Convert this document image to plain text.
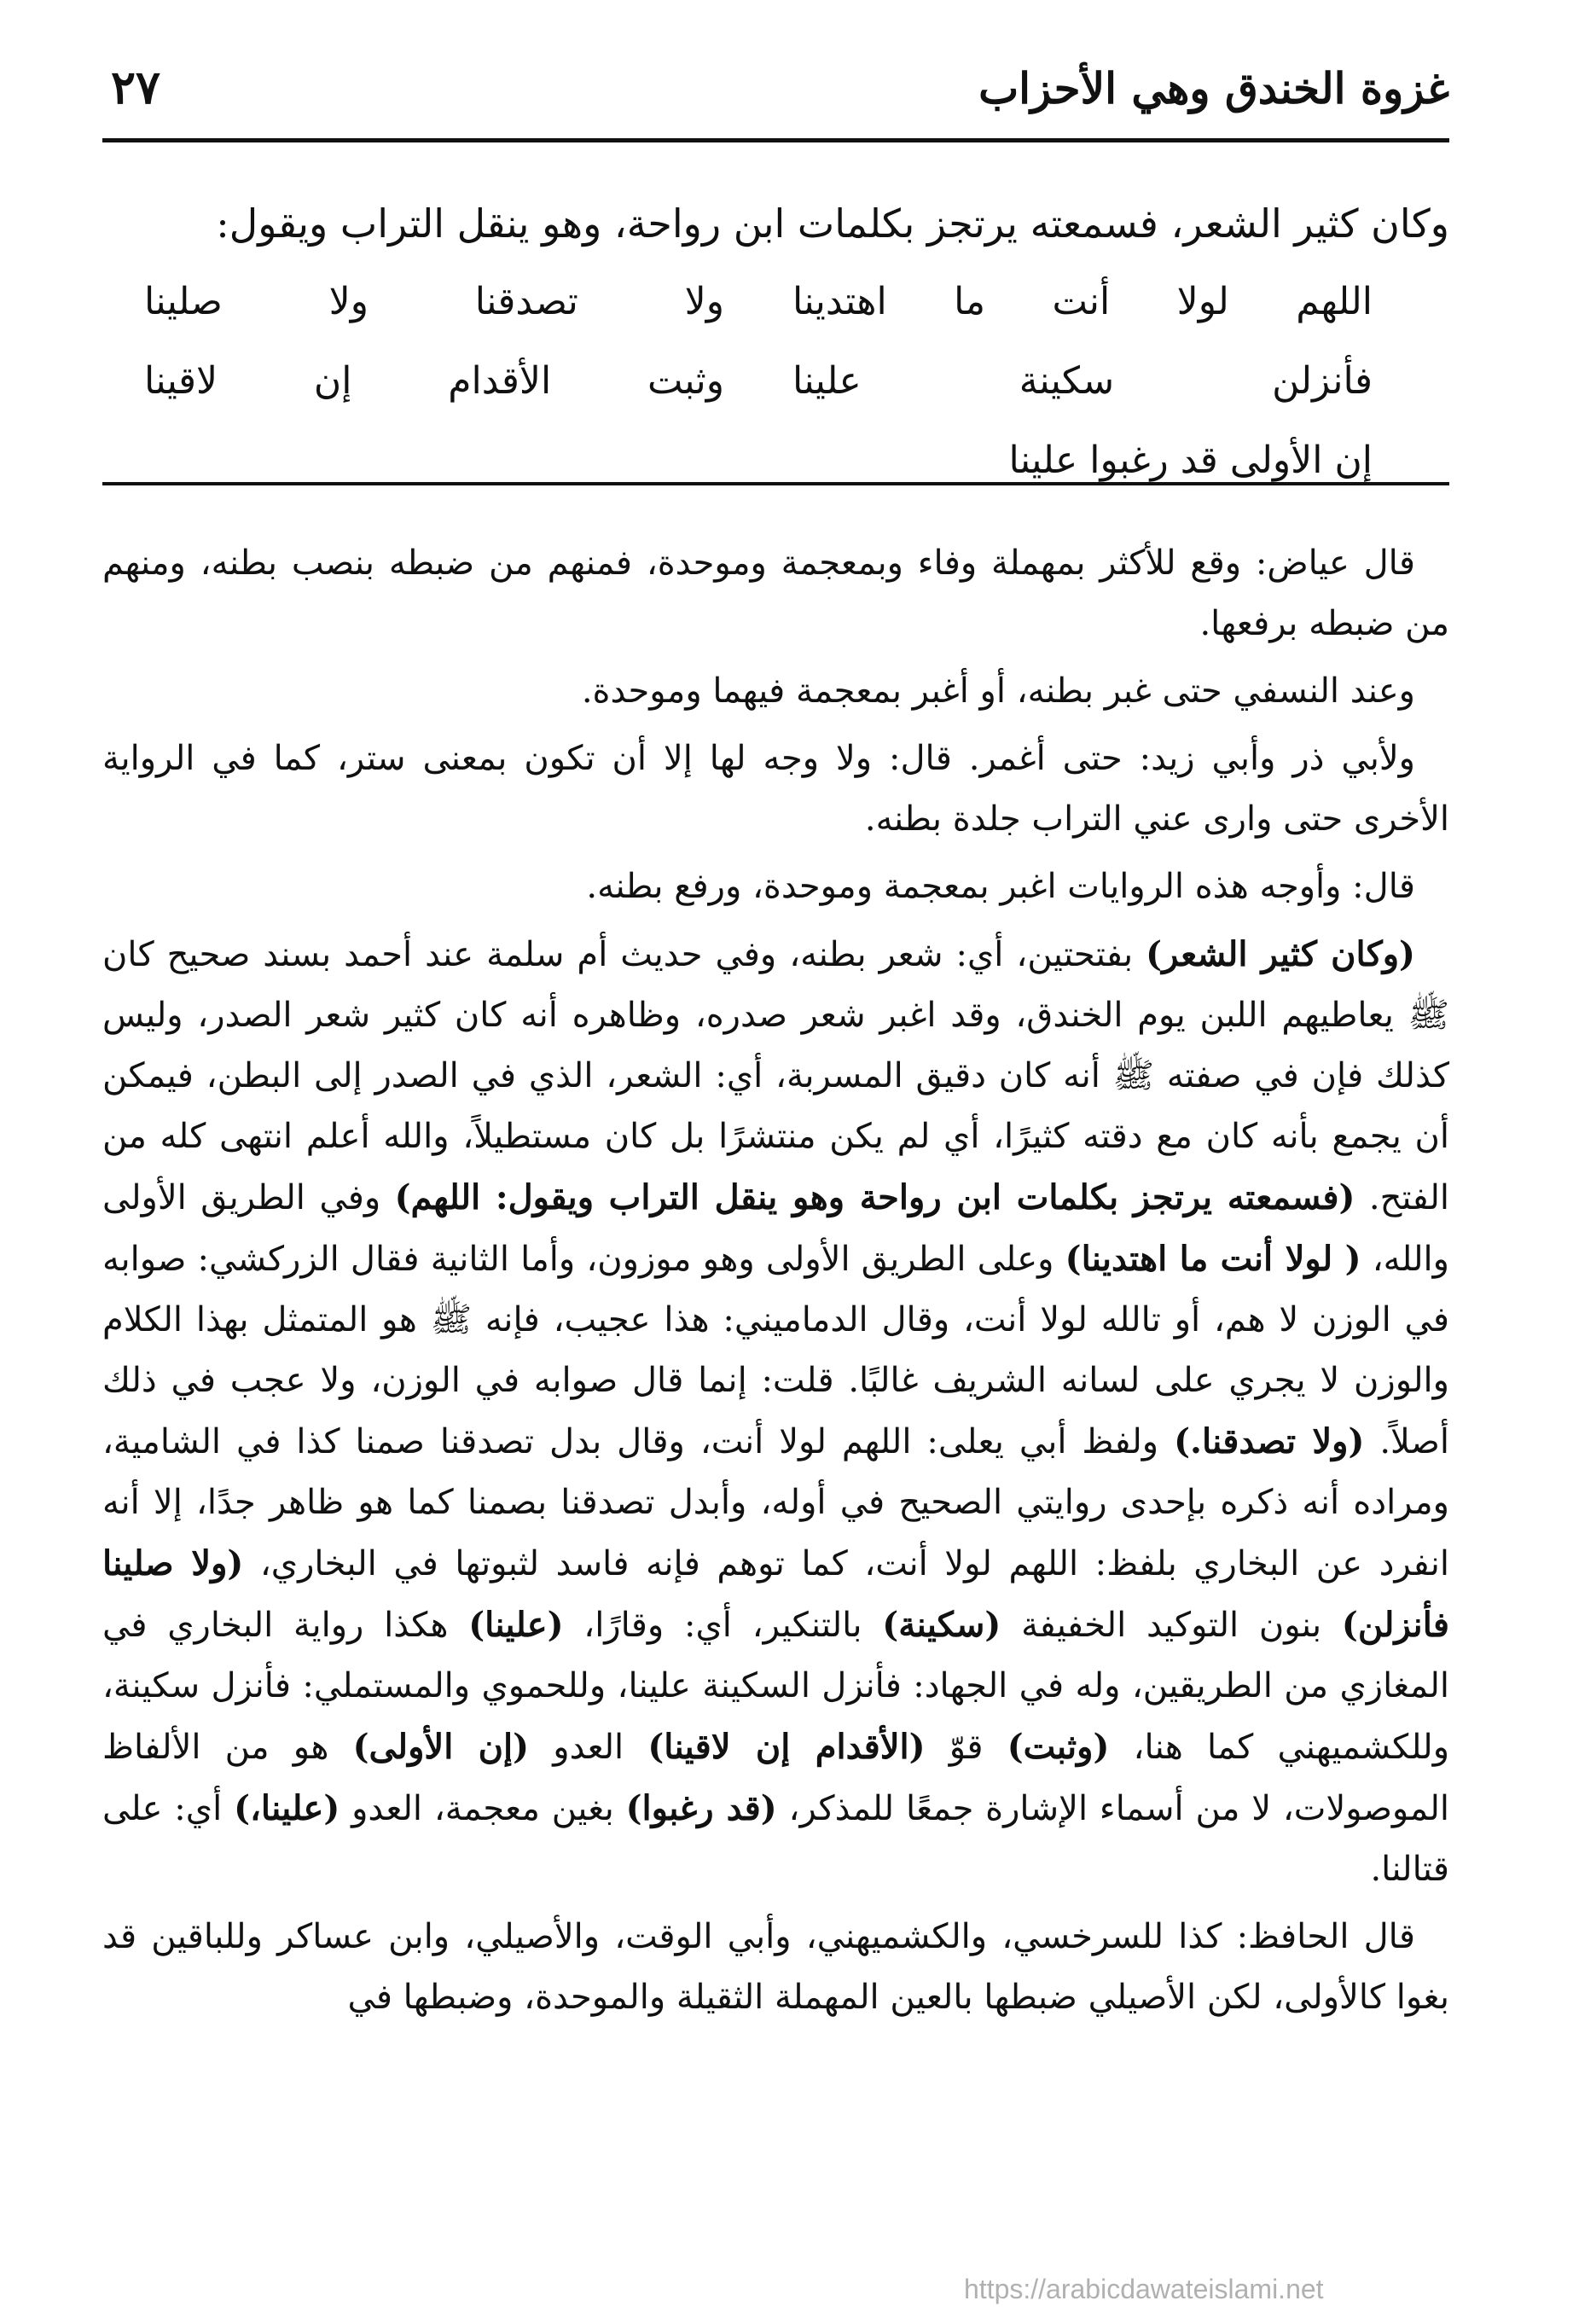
غزوة الخندق وهي الأحزاب
٢٧

وكان كثير الشعر، فسمعته يرتجز بكلمات ابن رواحة، وهو ينقل التراب ويقول:

اللهم لولا أنت ما اهتدينا
ولا تصدقنا ولا صلينا
فأنزلن سكينة علينا
وثبت الأقدام إن لاقينا
إن الأولى قد رغبوا علينا

قال عياض: وقع للأكثر بمهملة وفاء وبمعجمة وموحدة، فمنهم من ضبطه بنصب بطنه، ومنهم من ضبطه برفعها.

وعند النسفي حتى غبر بطنه، أو أغبر بمعجمة فيهما وموحدة.

ولأبي ذر وأبي زيد: حتى أغمر. قال: ولا وجه لها إلا أن تكون بمعنى ستر، كما في الرواية الأخرى حتى وارى عني التراب جلدة بطنه.

قال: وأوجه هذه الروايات اغبر بمعجمة وموحدة، ورفع بطنه.

(وكان كثير الشعر) بفتحتين، أي: شعر بطنه، وفي حديث أم سلمة عند أحمد بسند صحيح كان ﷺ يعاطيهم اللبن يوم الخندق، وقد اغبر شعر صدره، وظاهره أنه كان كثير شعر الصدر، وليس كذلك فإن في صفته ﷺ أنه كان دقيق المسربة، أي: الشعر، الذي في الصدر إلى البطن، فيمكن أن يجمع بأنه كان مع دقته كثيرًا، أي لم يكن منتشرًا بل كان مستطيلاً، والله أعلم انتهى كله من الفتح. (فسمعته يرتجز بكلمات ابن رواحة وهو ينقل التراب ويقول: اللهم) وفي الطريق الأولى والله، ( لولا أنت ما اهتدينا) وعلى الطريق الأولى وهو موزون، وأما الثانية فقال الزركشي: صوابه في الوزن لا هم، أو تالله لولا أنت، وقال الدماميني: هذا عجيب، فإنه ﷺ هو المتمثل بهذا الكلام والوزن لا يجري على لسانه الشريف غالبًا. قلت: إنما قال صوابه في الوزن، ولا عجب في ذلك أصلاً. (ولا تصدقنا.) ولفظ أبي يعلى: اللهم لولا أنت، وقال بدل تصدقنا صمنا كذا في الشامية، ومراده أنه ذكره بإحدى روايتي الصحيح في أوله، وأبدل تصدقنا بصمنا كما هو ظاهر جدًا، إلا أنه انفرد عن البخاري بلفظ: اللهم لولا أنت، كما توهم فإنه فاسد لثبوتها في البخاري، (ولا صلينا فأنزلن) بنون التوكيد الخفيفة (سكينة) بالتنكير، أي: وقارًا، (علينا) هكذا رواية البخاري في المغازي من الطريقين، وله في الجهاد: فأنزل السكينة علينا، وللحموي والمستملي: فأنزل سكينة، وللكشميهني كما هنا، (وثبت) قوّ (الأقدام إن لاقينا) العدو (إن الأولى) هو من الألفاظ الموصولات، لا من أسماء الإشارة جمعًا للمذكر، (قد رغبوا) بغين معجمة، العدو (علينا،) أي: على قتالنا.

قال الحافظ: كذا للسرخسي، والكشميهني، وأبي الوقت، والأصيلي، وابن عساكر وللباقين قد بغوا كالأولى، لكن الأصيلي ضبطها بالعين المهملة الثقيلة والموحدة، وضبطها في

https://arabicdawateislami.net
